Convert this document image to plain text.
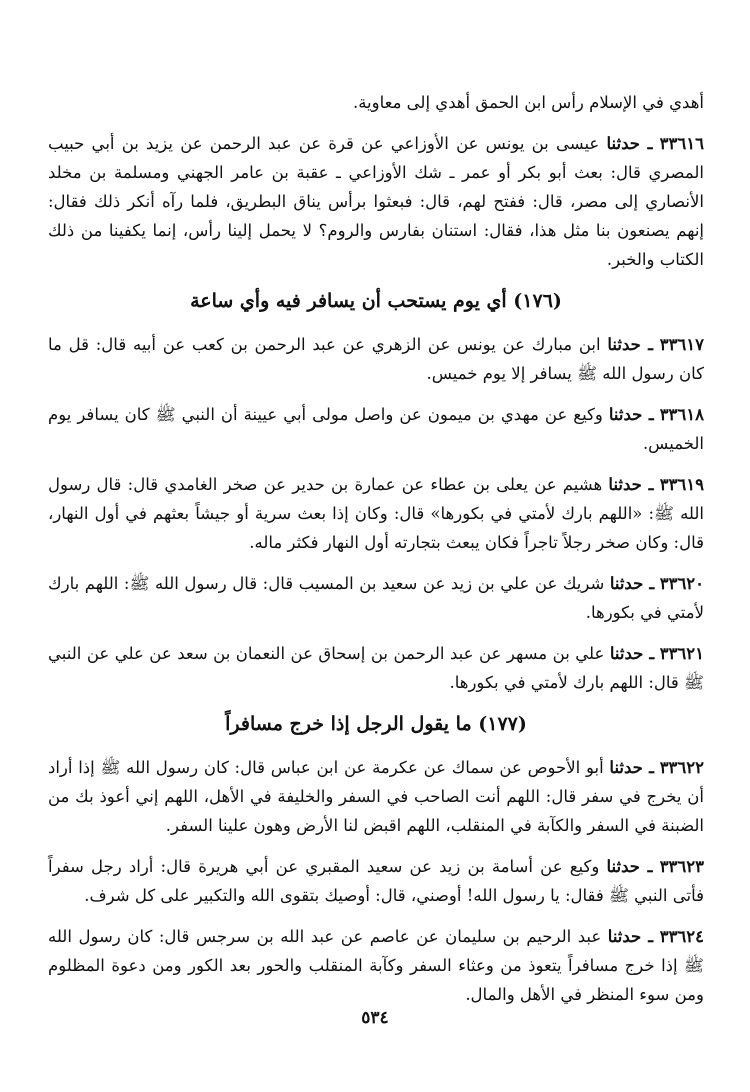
أهدي في الإسلام رأس ابن الحمق أهدي إلى معاوية.

٣٣٦١٦ ـ حدثنا عيسى بن يونس عن الأوزاعي عن قرة عن عبد الرحمن عن يزيد بن أبي حبيب المصري قال: بعث أبو بكر أو عمر ـ شك الأوزاعي ـ عقبة بن عامر الجهني ومسلمة بن مخلد الأنصاري إلى مصر، قال: ففتح لهم، قال: فبعثوا برأس يناق البطريق، فلما رآه أنكر ذلك فقال: إنهم يصنعون بنا مثل هذا، فقال: استنان بفارس والروم؟ لا يحمل إلينا رأس، إنما يكفينا من ذلك الكتاب والخبر.

(١٧٦) أي يوم يستحب أن يسافر فيه وأي ساعة

٣٣٦١٧ ـ حدثنا ابن مبارك عن يونس عن الزهري عن عبد الرحمن بن كعب عن أبيه قال: قل ما كان رسول الله ﷺ يسافر إلا يوم خميس.

٣٣٦١٨ ـ حدثنا وكيع عن مهدي بن ميمون عن واصل مولى أبي عيينة أن النبي ﷺ كان يسافر يوم الخميس.

٣٣٦١٩ ـ حدثنا هشيم عن يعلى بن عطاء عن عمارة بن حدير عن صخر الغامدي قال: قال رسول الله ﷺ: «اللهم بارك لأمتي في بكورها» قال: وكان إذا بعث سرية أو جيشاً بعثهم في أول النهار، قال: وكان صخر رجلاً تاجراً فكان يبعث بتجارته أول النهار فكثر ماله.

٣٣٦٢٠ ـ حدثنا شريك عن علي بن زيد عن سعيد بن المسيب قال: قال رسول الله ﷺ: اللهم بارك لأمتي في بكورها.

٣٣٦٢١ ـ حدثنا علي بن مسهر عن عبد الرحمن بن إسحاق عن النعمان بن سعد عن علي عن النبي ﷺ قال: اللهم بارك لأمتي في بكورها.

(١٧٧) ما يقول الرجل إذا خرج مسافراً

٣٣٦٢٢ ـ حدثنا أبو الأحوص عن سماك عن عكرمة عن ابن عباس قال: كان رسول الله ﷺ إذا أراد أن يخرج في سفر قال: اللهم أنت الصاحب في السفر والخليفة في الأهل، اللهم إني أعوذ بك من الضبنة في السفر والكآبة في المنقلب، اللهم اقبض لنا الأرض وهون علينا السفر.

٣٣٦٢٣ ـ حدثنا وكيع عن أسامة بن زيد عن سعيد المقبري عن أبي هريرة قال: أراد رجل سفراً فأتى النبي ﷺ فقال: يا رسول الله! أوصني، قال: أوصيك بتقوى الله والتكبير على كل شرف.

٣٣٦٢٤ ـ حدثنا عبد الرحيم بن سليمان عن عاصم عن عبد الله بن سرجس قال: كان رسول الله ﷺ إذا خرج مسافراً يتعوذ من وعثاء السفر وكآبة المنقلب والحور بعد الكور ومن دعوة المظلوم ومن سوء المنظر في الأهل والمال.

٥٣٤
